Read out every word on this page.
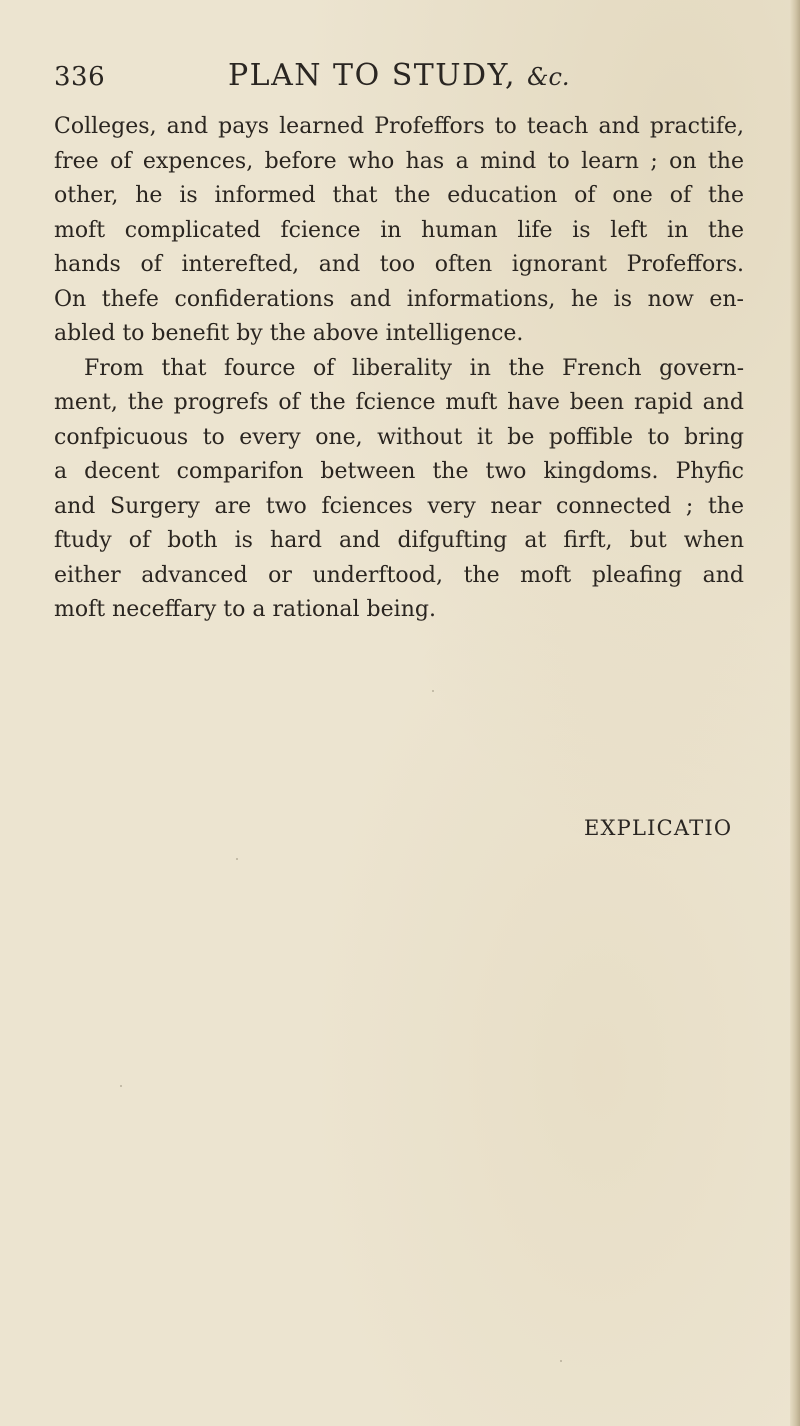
336	PLAN TO STUDY, &c.
Colleges, and pays learned Profeffors to teach and practife,
free of expences, before who has a mind to learn ; on the
other, he is informed that the education of one of the
moft complicated fcience in human life is left in the
hands of interefted, and too often ignorant Profeffors.
On thefe confiderations and informations, he is now en-
abled to benefit by the above intelligence.
From that fource of liberality in the French govern-
ment, the progrefs of the fcience muft have been rapid and
confpicuous to every one, without it be poffible to bring
a decent comparifon between the two kingdoms. Phyfic
and Surgery are two fciences very near connected ; the
ftudy of both is hard and difgufting at firft, but when
either advanced or underftood, the moft pleafing and
moft neceffary to a rational being.
EXPLICATIO
